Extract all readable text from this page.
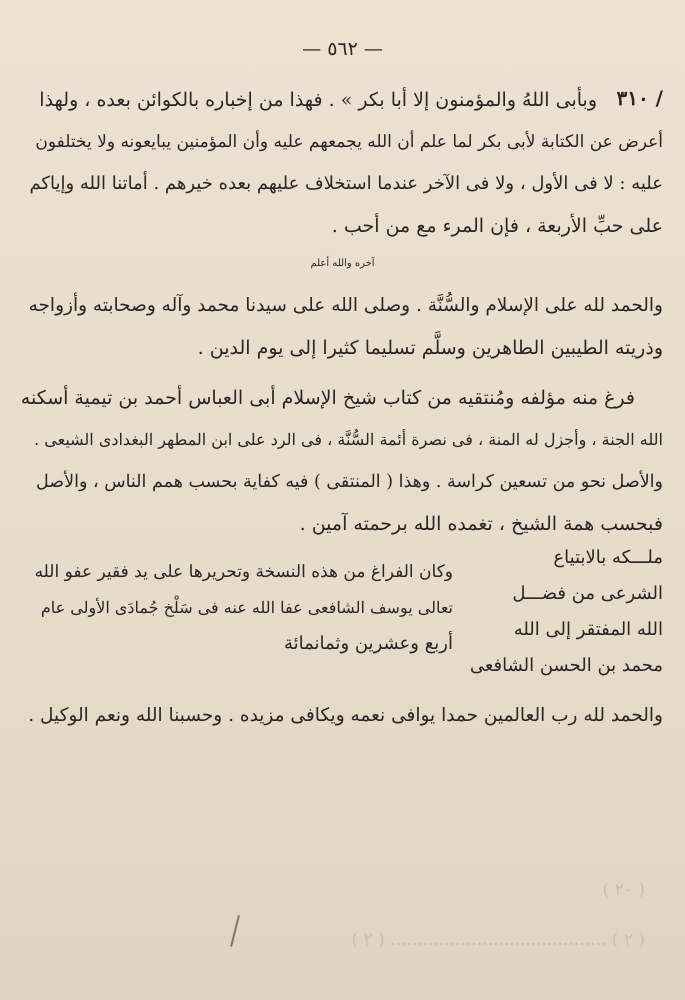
— ٥٦٢ —
٣١٠ /
وبأبى اللهُ والمؤمنون إلا أبا بكر » . فهذا من إخباره بالكوائن بعده ، ولهذا
أعرض عن الكتابة لأبى بكر لما علم أن الله يجمعهم عليه وأن المؤمنين يبايعونه ولا يختلفون
عليه : لا فى الأول ، ولا فى الآخر عندما استخلاف عليهم بعده خيرهم . أماتنا الله وإياكم
على حبِّ الأربعة ، فإن المرء مع من أحب .
آخره والله أعلم
والحمد لله على الإسلام والسُّنَّة . وصلى الله على سيدنا محمد وآله وصحابته وأزواجه
وذريته الطيبين الطاهرين وسلَّم تسليما كثيرا إلى يوم الدين .
فرغ منه مؤلفه ومُنتقيه من كتاب شيخ الإسلام أبى العباس أحمد بن تيمية أسكنه
الله الجنة ، وأجزل له المنة ، فى نصرة أئمة السُّنَّة ، فى الرد على ابن المطهر البغدادى الشيعى .
والأصل نحو من تسعين كراسة . وهذا ( المنتقى ) فيه كفاية بحسب همم الناس ، والأصل
فبحسب همة الشيخ ، تغمده الله برحمته آمين .
وكان الفراغ من هذه النسخة وتحريرها على يد فقير عفو الله
تعالى يوسف الشافعى عفا الله عنه فى سَلْخ جُمادَى الأولى عام
أربع وعشرين وثمانمائة
ملـــكه بالابتياع
الشرعى من فضـــل
الله المفتقر إلى الله
محمد بن الحسن الشافعى
والحمد لله رب العالمين حمدا يوافى نعمه ويكافى مزيده . وحسبنا الله ونعم الوكيل .
( ٢٠ )
( ٢ ) ........................................ ( ٢ )
